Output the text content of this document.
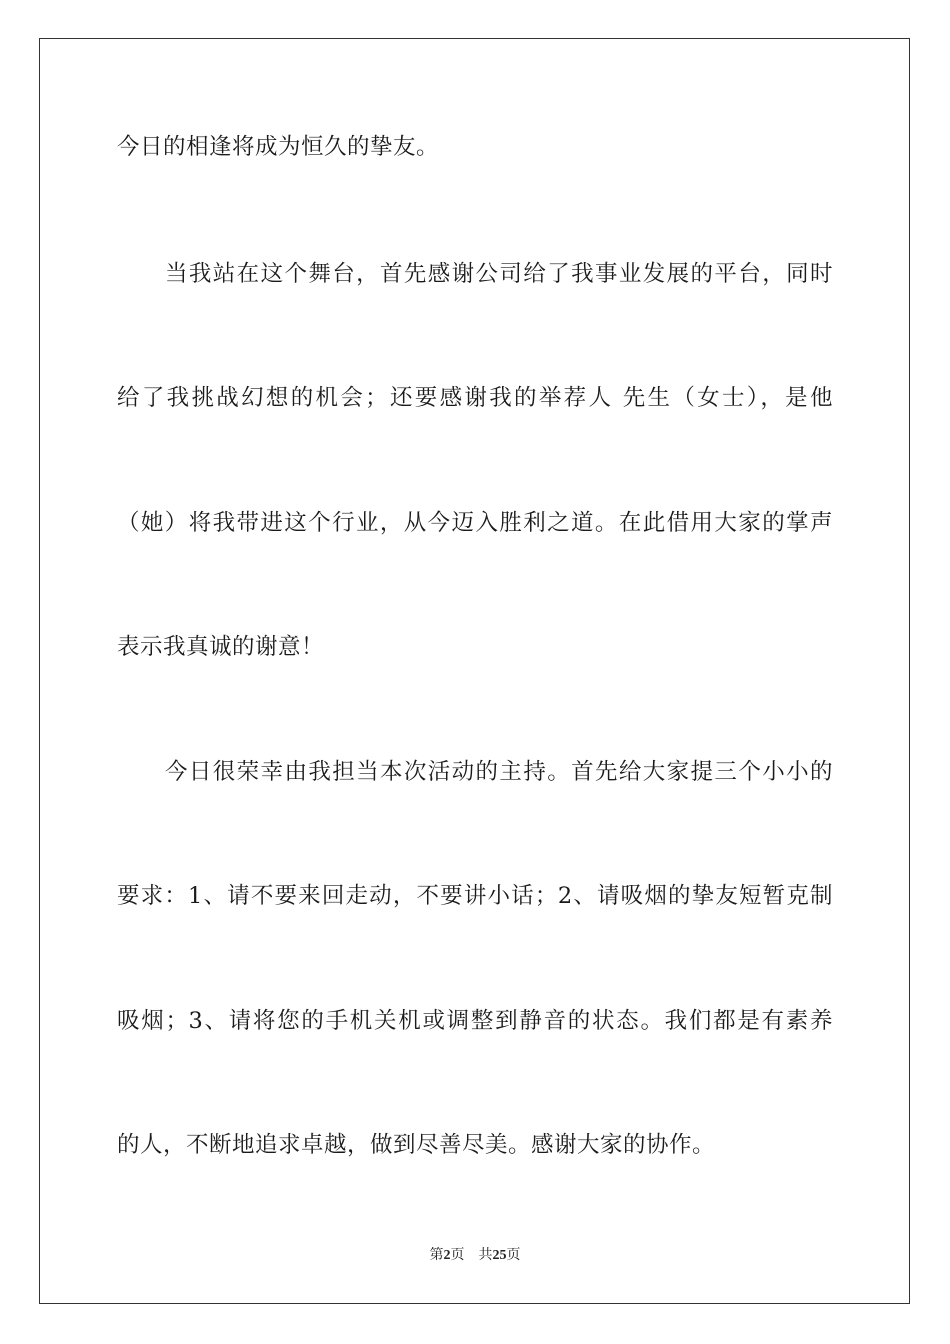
今日的相逢将成为恒久的挚友。
当我站在这个舞台，首先感谢公司给了我事业发展的平台，同时
给了我挑战幻想的机会；还要感谢我的举荐人 先生（女士），是他
（她）将我带进这个行业，从今迈入胜利之道。在此借用大家的掌声
表示我真诚的谢意！
今日很荣幸由我担当本次活动的主持。首先给大家提三个小小的
要求：1、请不要来回走动，不要讲小话；2、请吸烟的挚友短暂克制
吸烟；3、请将您的手机关机或调整到静音的状态。我们都是有素养
的人，不断地追求卓越，做到尽善尽美。感谢大家的协作。
第2页 共25页
